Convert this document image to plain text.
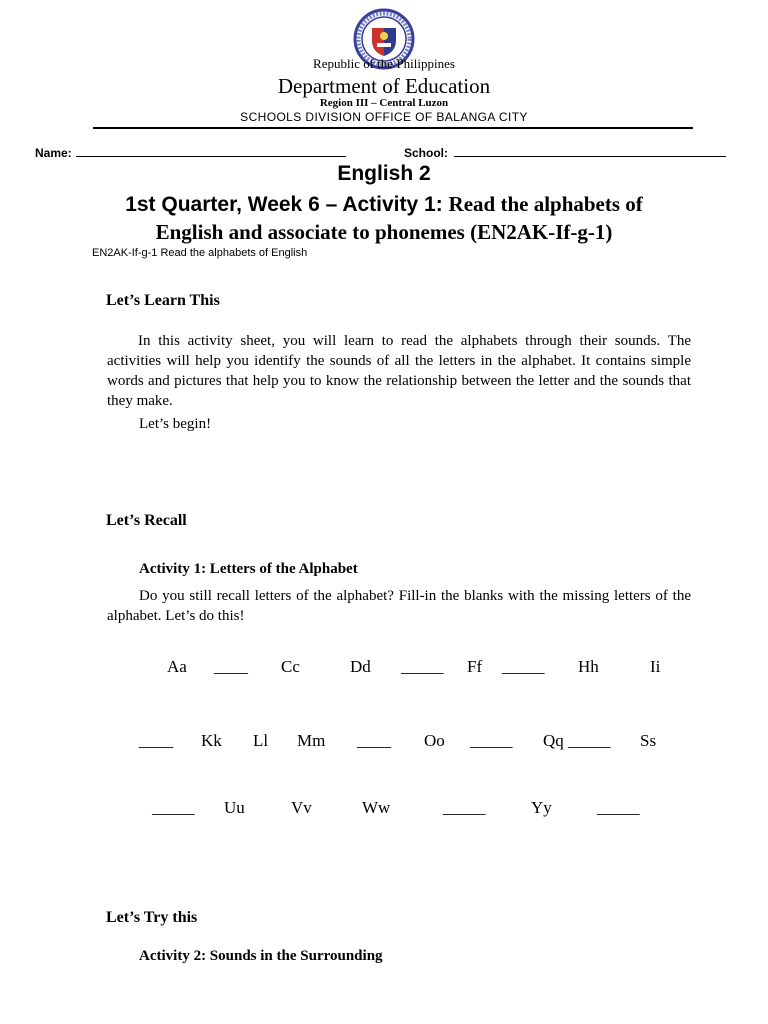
Republic of the Philippines
Department of Education
Region III – Central Luzon
SCHOOLS DIVISION OFFICE OF BALANGA CITY
Name:	School:
English 2
1st Quarter, Week 6 – Activity 1: Read the alphabets of
English and associate to phonemes (EN2AK-If-g-1)
EN2AK-If-g-1 Read the alphabets of English
Let’s Learn This

In this activity sheet, you will learn to read the alphabets through their sounds. The activities will help you identify the sounds of all the letters in the alphabet. It contains simple words and pictures that help you to know the relationship between the letter and the sounds that they make.

Let’s begin!
Let’s Recall
Activity 1: Letters of the Alphabet

Do you still recall letters of the alphabet? Fill-in the blanks with the missing letters of the alphabet. Let’s do this!

Aa ____ Cc	Dd _____ Ff _____ Hh	Ii
____ Kk Ll Mm ____ Oo _____ Qq _____ Ss
_____ Uu	Vv	Ww	_____	Yy	_____
Let’s Try this
Activity 2: Sounds in the Surrounding
